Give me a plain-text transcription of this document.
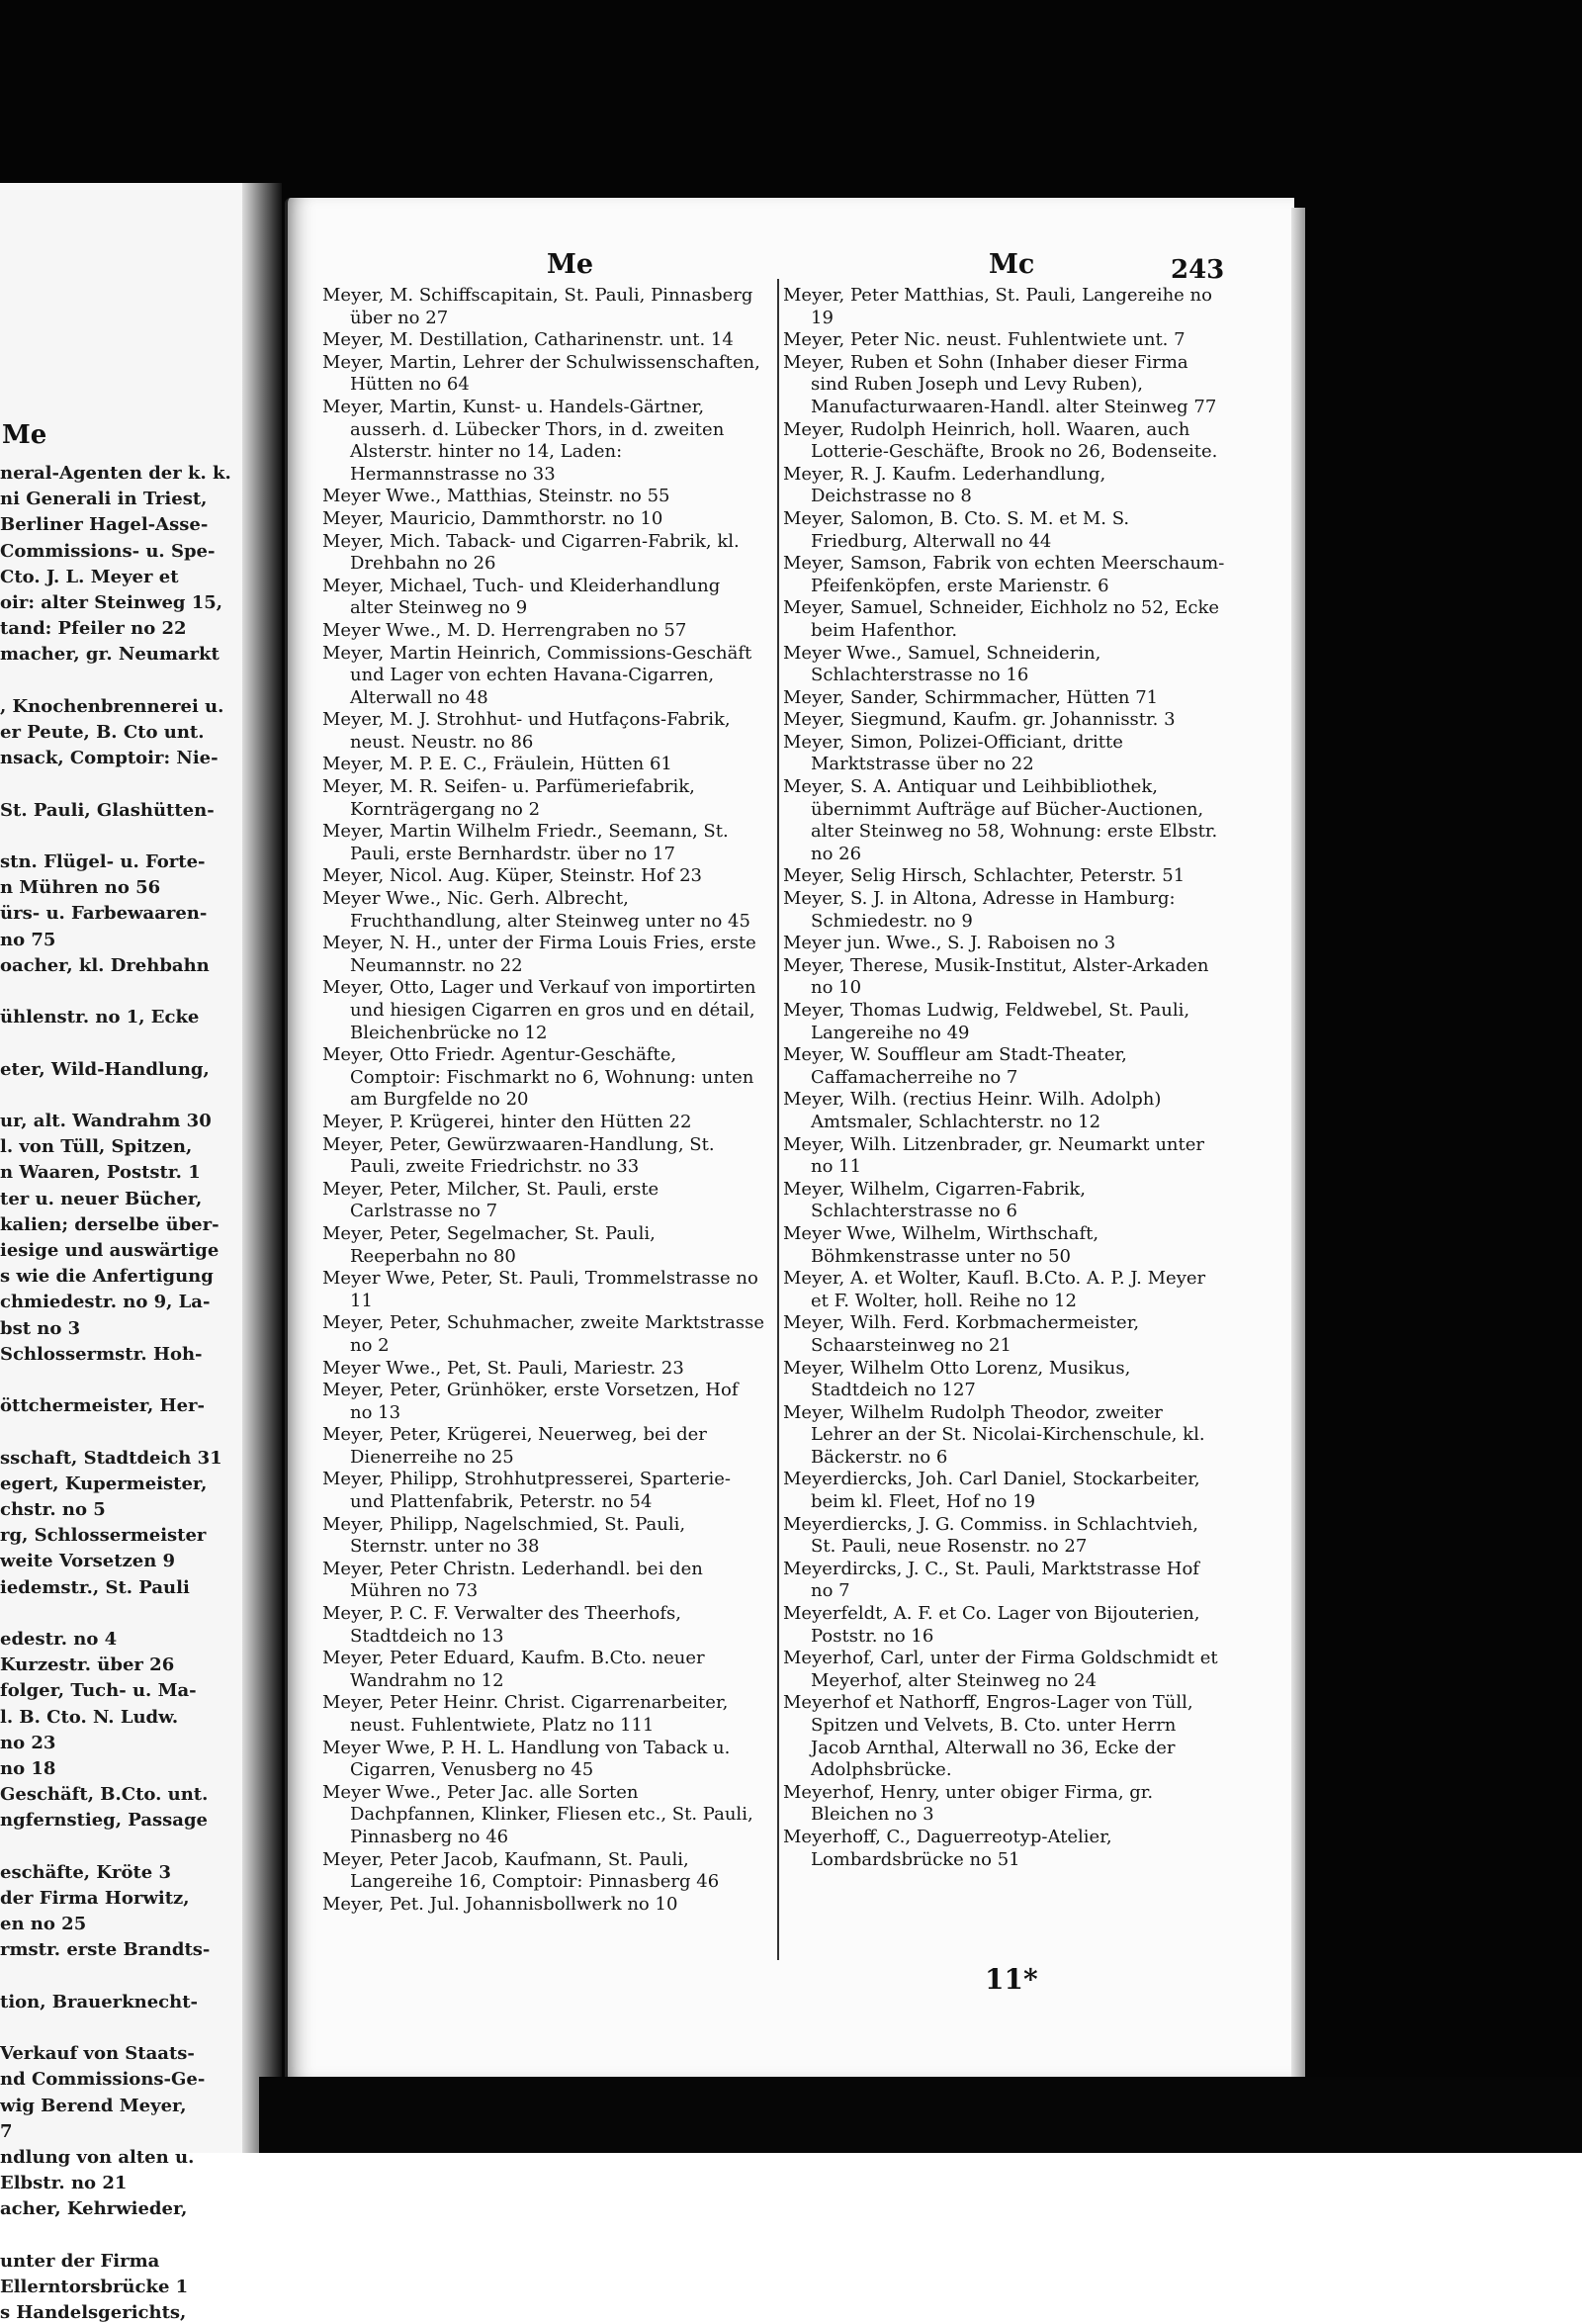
Me
neral-Agenten der k. k.
ni Generali in Triest,
Berliner Hagel-Asse-
Commissions- u. Spe-
Cto. J. L. Meyer et
oir: alter Steinweg 15,
tand: Pfeiler no 22
macher, gr. Neumarkt
, Knochenbrennerei u.
er Peute, B. Cto unt.
nsack, Comptoir: Nie-
St. Pauli, Glashütten-
stn. Flügel- u. Forte-
n Mühren no 56
ürs- u. Farbewaaren-
no 75
oacher, kl. Drehbahn
ühlenstr. no 1, Ecke
eter, Wild-Handlung,
ur, alt. Wandrahm 30
l. von Tüll, Spitzen,
n Waaren, Poststr. 1
ter u. neuer Bücher,
kalien; derselbe über-
iesige und auswärtige
s wie die Anfertigung
chmiedestr. no 9, La-
bst no 3
Schlossermstr. Hoh-
öttchermeister, Her-
sschaft, Stadtdeich 31
egert, Kupermeister,
chstr. no 5
rg, Schlossermeister
weite Vorsetzen 9
iedemstr., St. Pauli
edestr. no 4
Kurzestr. über 26
folger, Tuch- u. Ma-
l. B. Cto. N. Ludw.
no 23
no 18
Geschäft, B.Cto. unt.
ngfernstieg, Passage
eschäfte, Kröte 3
der Firma Horwitz,
en no 25
rmstr. erste Brandts-
tion, Brauerknecht-
Verkauf von Staats-
nd Commissions-Ge-
wig Berend Meyer,
7
ndlung von alten u.
Elbstr. no 21
acher, Kehrwieder,
unter der Firma
Ellerntorsbrücke 1
s Handelsgerichts,
Me	Mc	243

Meyer, M. Schiffscapitain, St. Pauli, Pinnasberg über no 27

Meyer, M. Destillation, Catharinenstr. unt. 14

Meyer, Martin, Lehrer der Schulwissenschaften, Hütten no 64

Meyer, Martin, Kunst- u. Handels-Gärtner, ausserh. d. Lübecker Thors, in d. zweiten Alsterstr. hinter no 14, Laden: Hermannstrasse no 33

Meyer Wwe., Matthias, Steinstr. no 55

Meyer, Mauricio, Dammthorstr. no 10

Meyer, Mich. Taback- und Cigarren-Fabrik, kl. Drehbahn no 26

Meyer, Michael, Tuch- und Kleiderhandlung alter Steinweg no 9

Meyer Wwe., M. D. Herrengraben no 57

Meyer, Martin Heinrich, Commissions-Geschäft und Lager von echten Havana-Cigarren, Alterwall no 48

Meyer, M. J. Strohhut- und Hutfaçons-Fabrik, neust. Neustr. no 86

Meyer, M. P. E. C., Fräulein, Hütten 61

Meyer, M. R. Seifen- u. Parfümeriefabrik, Kornträgergang no 2

Meyer, Martin Wilhelm Friedr., Seemann, St. Pauli, erste Bernhardstr. über no 17

Meyer, Nicol. Aug. Küper, Steinstr. Hof 23

Meyer Wwe., Nic. Gerh. Albrecht, Fruchthandlung, alter Steinweg unter no 45

Meyer, N. H., unter der Firma Louis Fries, erste Neumannstr. no 22

Meyer, Otto, Lager und Verkauf von importirten und hiesigen Cigarren en gros und en détail, Bleichenbrücke no 12

Meyer, Otto Friedr. Agentur-Geschäfte, Comptoir: Fischmarkt no 6, Wohnung: unten am Burgfelde no 20

Meyer, P. Krügerei, hinter den Hütten 22

Meyer, Peter, Gewürzwaaren-Handlung, St. Pauli, zweite Friedrichstr. no 33

Meyer, Peter, Milcher, St. Pauli, erste Carlstrasse no 7

Meyer, Peter, Segelmacher, St. Pauli, Reeperbahn no 80

Meyer Wwe, Peter, St. Pauli, Trommelstrasse no 11

Meyer, Peter, Schuhmacher, zweite Marktstrasse no 2

Meyer Wwe., Pet, St. Pauli, Mariestr. 23

Meyer, Peter, Grünhöker, erste Vorsetzen, Hof no 13

Meyer, Peter, Krügerei, Neuerweg, bei der Dienerreihe no 25

Meyer, Philipp, Strohhutpresserei, Sparterie- und Plattenfabrik, Peterstr. no 54

Meyer, Philipp, Nagelschmied, St. Pauli, Sternstr. unter no 38

Meyer, Peter Christn. Lederhandl. bei den Mühren no 73

Meyer, P. C. F. Verwalter des Theerhofs, Stadtdeich no 13

Meyer, Peter Eduard, Kaufm. B.Cto. neuer Wandrahm no 12

Meyer, Peter Heinr. Christ. Cigarrenarbeiter, neust. Fuhlentwiete, Platz no 111

Meyer Wwe, P. H. L. Handlung von Taback u. Cigarren, Venusberg no 45

Meyer Wwe., Peter Jac. alle Sorten Dachpfannen, Klinker, Fliesen etc., St. Pauli, Pinnasberg no 46

Meyer, Peter Jacob, Kaufmann, St. Pauli, Langereihe 16, Comptoir: Pinnasberg 46

Meyer, Pet. Jul. Johannisbollwerk no 10

Meyer, Peter Matthias, St. Pauli, Langereihe no 19

Meyer, Peter Nic. neust. Fuhlentwiete unt. 7

Meyer, Ruben et Sohn (Inhaber dieser Firma sind Ruben Joseph und Levy Ruben), Manufacturwaaren-Handl. alter Steinweg 77

Meyer, Rudolph Heinrich, holl. Waaren, auch Lotterie-Geschäfte, Brook no 26, Bodenseite.

Meyer, R. J. Kaufm. Lederhandlung, Deichstrasse no 8

Meyer, Salomon, B. Cto. S. M. et M. S. Friedburg, Alterwall no 44

Meyer, Samson, Fabrik von echten Meerschaum-Pfeifenköpfen, erste Marienstr. 6

Meyer, Samuel, Schneider, Eichholz no 52, Ecke beim Hafenthor.

Meyer Wwe., Samuel, Schneiderin, Schlachterstrasse no 16

Meyer, Sander, Schirmmacher, Hütten 71

Meyer, Siegmund, Kaufm. gr. Johannisstr. 3

Meyer, Simon, Polizei-Officiant, dritte Marktstrasse über no 22

Meyer, S. A. Antiquar und Leihbibliothek, übernimmt Aufträge auf Bücher-Auctionen, alter Steinweg no 58, Wohnung: erste Elbstr. no 26

Meyer, Selig Hirsch, Schlachter, Peterstr. 51

Meyer, S. J. in Altona, Adresse in Hamburg: Schmiedestr. no 9

Meyer jun. Wwe., S. J. Raboisen no 3

Meyer, Therese, Musik-Institut, Alster-Arkaden no 10

Meyer, Thomas Ludwig, Feldwebel, St. Pauli, Langereihe no 49

Meyer, W. Souffleur am Stadt-Theater, Caffamacherreihe no 7

Meyer, Wilh. (rectius Heinr. Wilh. Adolph) Amtsmaler, Schlachterstr. no 12

Meyer, Wilh. Litzenbrader, gr. Neumarkt unter no 11

Meyer, Wilhelm, Cigarren-Fabrik, Schlachterstrasse no 6

Meyer Wwe, Wilhelm, Wirthschaft, Böhmkenstrasse unter no 50

Meyer, A. et Wolter, Kaufl. B.Cto. A. P. J. Meyer et F. Wolter, holl. Reihe no 12

Meyer, Wilh. Ferd. Korbmachermeister, Schaarsteinweg no 21

Meyer, Wilhelm Otto Lorenz, Musikus, Stadtdeich no 127

Meyer, Wilhelm Rudolph Theodor, zweiter Lehrer an der St. Nicolai-Kirchenschule, kl. Bäckerstr. no 6

Meyerdiercks, Joh. Carl Daniel, Stockarbeiter, beim kl. Fleet, Hof no 19

Meyerdiercks, J. G. Commiss. in Schlachtvieh, St. Pauli, neue Rosenstr. no 27

Meyerdircks, J. C., St. Pauli, Marktstrasse Hof no 7

Meyerfeldt, A. F. et Co. Lager von Bijouterien, Poststr. no 16

Meyerhof, Carl, unter der Firma Goldschmidt et Meyerhof, alter Steinweg no 24

Meyerhof et Nathorff, Engros-Lager von Tüll, Spitzen und Velvets, B. Cto. unter Herrn Jacob Arnthal, Alterwall no 36, Ecke der Adolphsbrücke.

Meyerhof, Henry, unter obiger Firma, gr. Bleichen no 3

Meyerhoff, C., Daguerreotyp-Atelier, Lombardsbrücke no 51

11*
